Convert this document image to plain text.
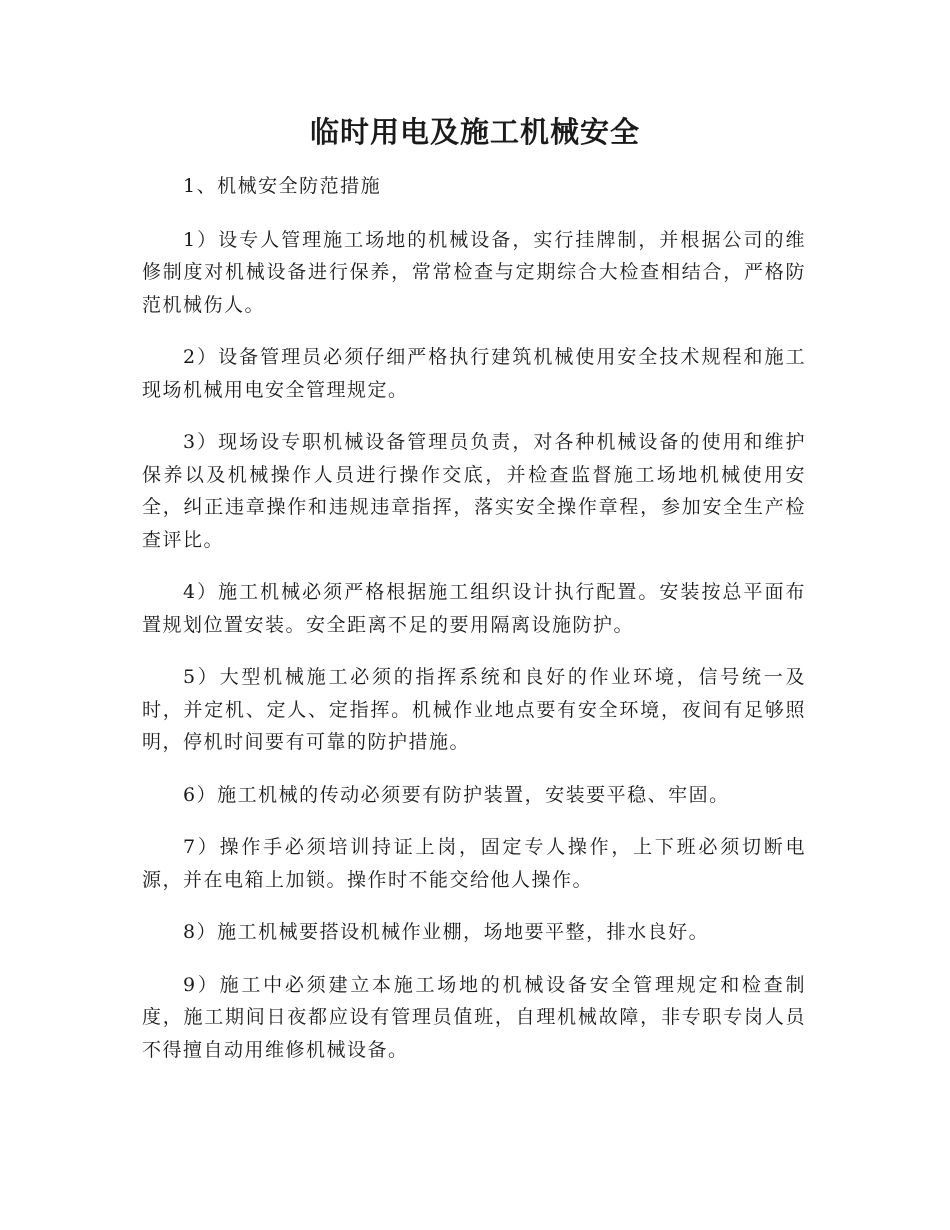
临时用电及施工机械安全

1、机械安全防范措施

1）设专人管理施工场地的机械设备，实行挂牌制，并根据公司的维修制度对机械设备进行保养，常常检查与定期综合大检查相结合，严格防范机械伤人。

2）设备管理员必须仔细严格执行建筑机械使用安全技术规程和施工现场机械用电安全管理规定。

3）现场设专职机械设备管理员负责，对各种机械设备的使用和维护保养以及机械操作人员进行操作交底，并检查监督施工场地机械使用安全，纠正违章操作和违规违章指挥，落实安全操作章程，参加安全生产检查评比。

4）施工机械必须严格根据施工组织设计执行配置。安装按总平面布置规划位置安装。安全距离不足的要用隔离设施防护。

5）大型机械施工必须的指挥系统和良好的作业环境，信号统一及时，并定机、定人、定指挥。机械作业地点要有安全环境，夜间有足够照明，停机时间要有可靠的防护措施。

6）施工机械的传动必须要有防护装置，安装要平稳、牢固。

7）操作手必须培训持证上岗，固定专人操作，上下班必须切断电源，并在电箱上加锁。操作时不能交给他人操作。

8）施工机械要搭设机械作业棚，场地要平整，排水良好。

9）施工中必须建立本施工场地的机械设备安全管理规定和检查制度，施工期间日夜都应设有管理员值班，自理机械故障，非专职专岗人员不得擅自动用维修机械设备。
